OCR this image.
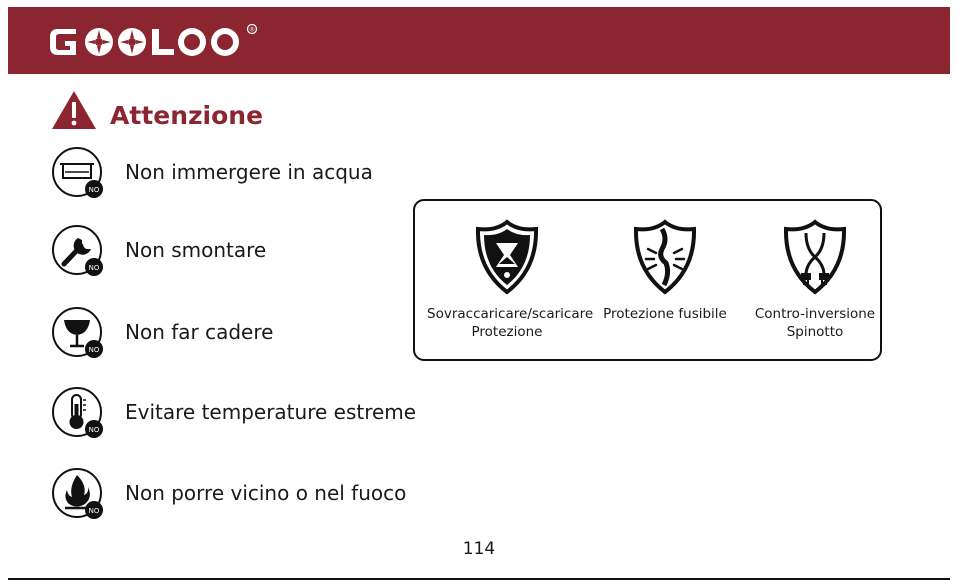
®
Attenzione
NO
Non immergere in acqua
NO
Non smontare
NO
Non far cadere
NO
Evitare temperature estreme
NO
Non porre vicino o nel fuoco
Sovraccaricare/scaricare
Protezione
Protezione fusibile	Contro-inversione
Spinotto
114
